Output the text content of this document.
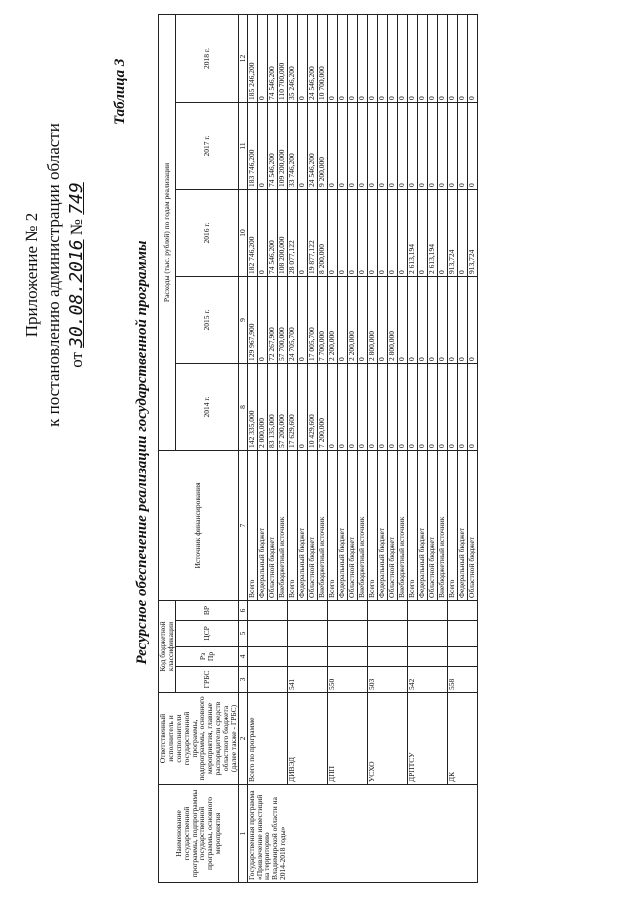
Приложение № 2 к постановлению администрации области от 30.08.2016 № 749
Таблица 3
Ресурсное обеспечение реализации государственной программы
Наименование государственной программы, подпрограммы государственной программы, основного мероприятия	Ответственный исполнитель и соисполнители государственной программы, подпрограммы, основного мероприятия, главные распорядители средств областного бюджета (далее также - ГРБС)	Код бюджетной классификации				Источник финансирования	Расходы (тыс. рублей) по годам реализации				
		ГРБС	Рз Пр	ЦСР	ВР		2014 г.	2015 г.	2016 г.	2017 г.	2018 г.

1	2	3	4	5	6	7	8	9	10	11	12
Государственная программа «Привлечение инвестиций на территорию Владимирской области на 2014-2018 годы»	Всего по программе					Всего	142 335,000	129 967,900	182 746,200	183 746,200	185 246,200
						Федеральный бюджет	2 000,000	0	0	0	0
						Областной бюджет	83 135,000	72 267,900	74 546,200	74 546,200	74 546,200
						Внебюджетный источник	57 200,000	57 700,000	108 200,000	109 200,000	110 700,000
	ДИВЭД	541				Всего	17 629,600	24 705,700	28 077,122	33 746,200	35 246,200
						Федеральный бюджет	0	0	0	0	0
						Областной бюджет	10 429,600	17 005,700	19 877,122	24 546,200	24 546,200
						Внебюджетный источник	7 200,000	7 700,000	8 200,000	9 200,000	10 700,000
	ДПП	550				Всего	0	2 200,000	0	0	0
						Федеральный бюджет	0	0	0	0	0
						Областной бюджет	0	2 200,000	0	0	0
						Внебюджетный источник	0	0	0	0	0
	УСХО	503				Всего	0	2 800,000	0	0	0
						Федеральный бюджет	0	0	0	0	0
						Областной бюджет	0	2 800,000	0	0	0
						Внебюджетный источник	0	0	0	0	0
	ДРПТСУ	542				Всего	0	0	2 613,194	0	0
						Федеральный бюджет	0	0	0	0	0
						Областной бюджет	0	0	2 613,194	0	0
						Внебюджетный источник	0	0	0	0	0
	ДК	558				Всего	0	0	913,724	0	0
						Федеральный бюджет	0	0	0	0	0
						Областной бюджет	0	0	913,724	0	0
